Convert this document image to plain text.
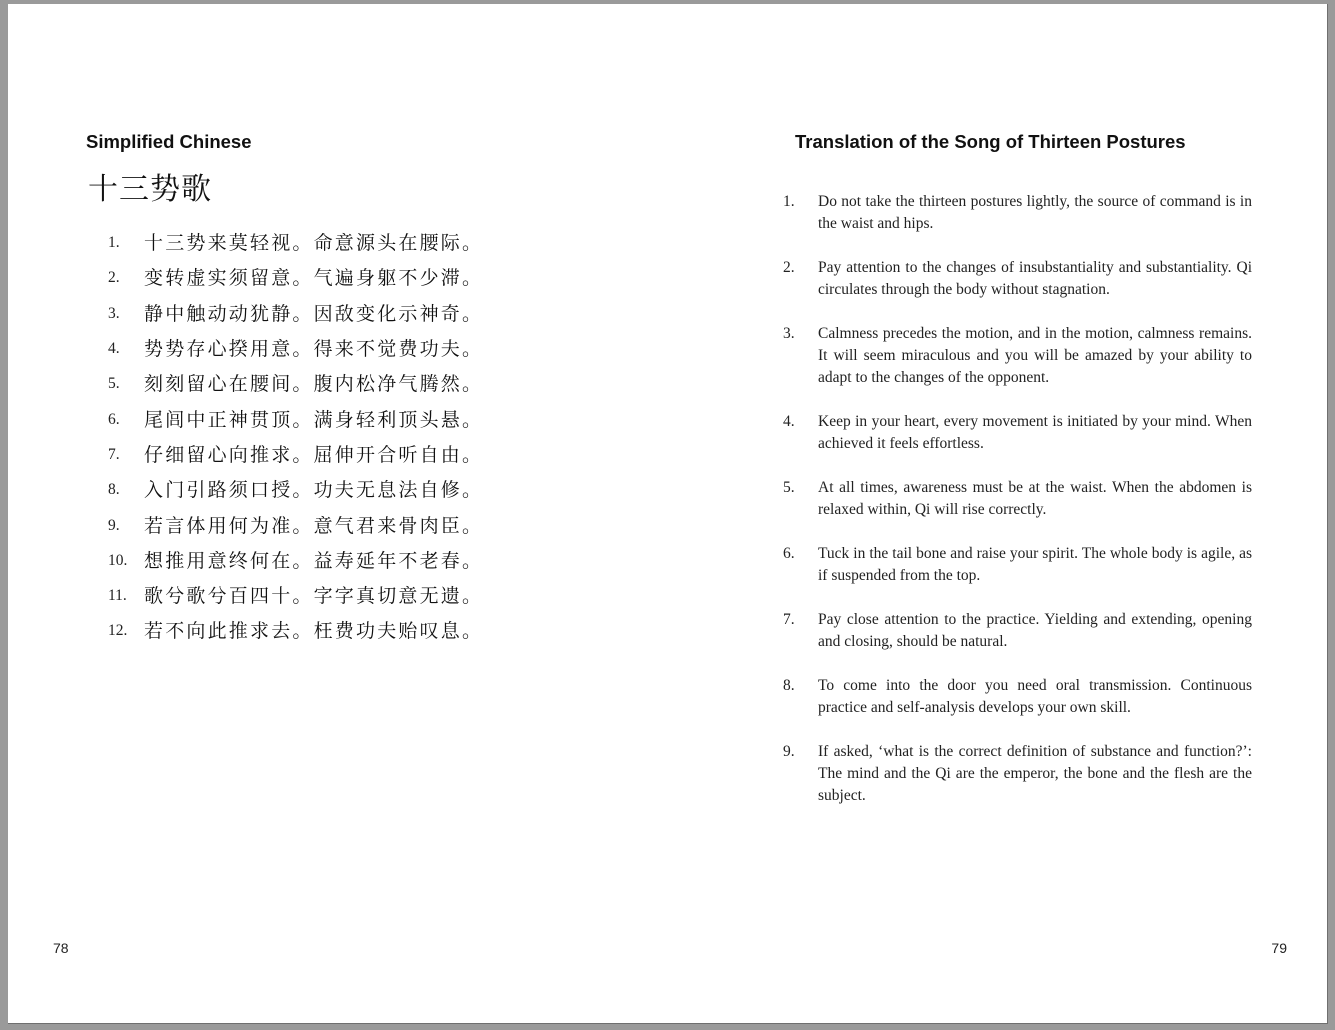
Simplified Chinese
十三势歌
1.	十三势来莫轻视。命意源头在腰际。
2.	变转虚实须留意。气遍身躯不少滞。
3.	静中触动动犹静。因敌变化示神奇。
4.	势势存心揆用意。得来不觉费功夫。
5.	刻刻留心在腰间。腹内松净气腾然。
6.	尾闾中正神贯顶。满身轻利顶头悬。
7.	仔细留心向推求。屈伸开合听自由。
8.	入门引路须口授。功夫无息法自修。
9.	若言体用何为准。意气君来骨肉臣。
10. 想推用意终何在。益寿延年不老春。
11. 歌兮歌兮百四十。字字真切意无遗。
12. 若不向此推求去。枉费功夫贻叹息。
78
Translation of the Song of Thirteen Postures
1. Do not take the thirteen postures lightly, the source of command is in the waist and hips.
2. Pay attention to the changes of insubstantiality and substantiality. Qi circulates through the body without stagnation.
3. Calmness precedes the motion, and in the motion, calmness remains. It will seem miraculous and you will be amazed by your ability to adapt to the changes of the opponent.
4. Keep in your heart, every movement is initiated by your mind. When achieved it feels effortless.
5. At all times, awareness must be at the waist. When the abdomen is relaxed within, Qi will rise correctly.
6. Tuck in the tail bone and raise your spirit. The whole body is agile, as if suspended from the top.
7. Pay close attention to the practice. Yielding and extending, opening and closing, should be natural.
8. To come into the door you need oral transmission. Continuous practice and self-analysis develops your own skill.
9. If asked, ‘what is the correct definition of substance and function?’: The mind and the Qi are the emperor, the bone and the flesh are the subject.
79
